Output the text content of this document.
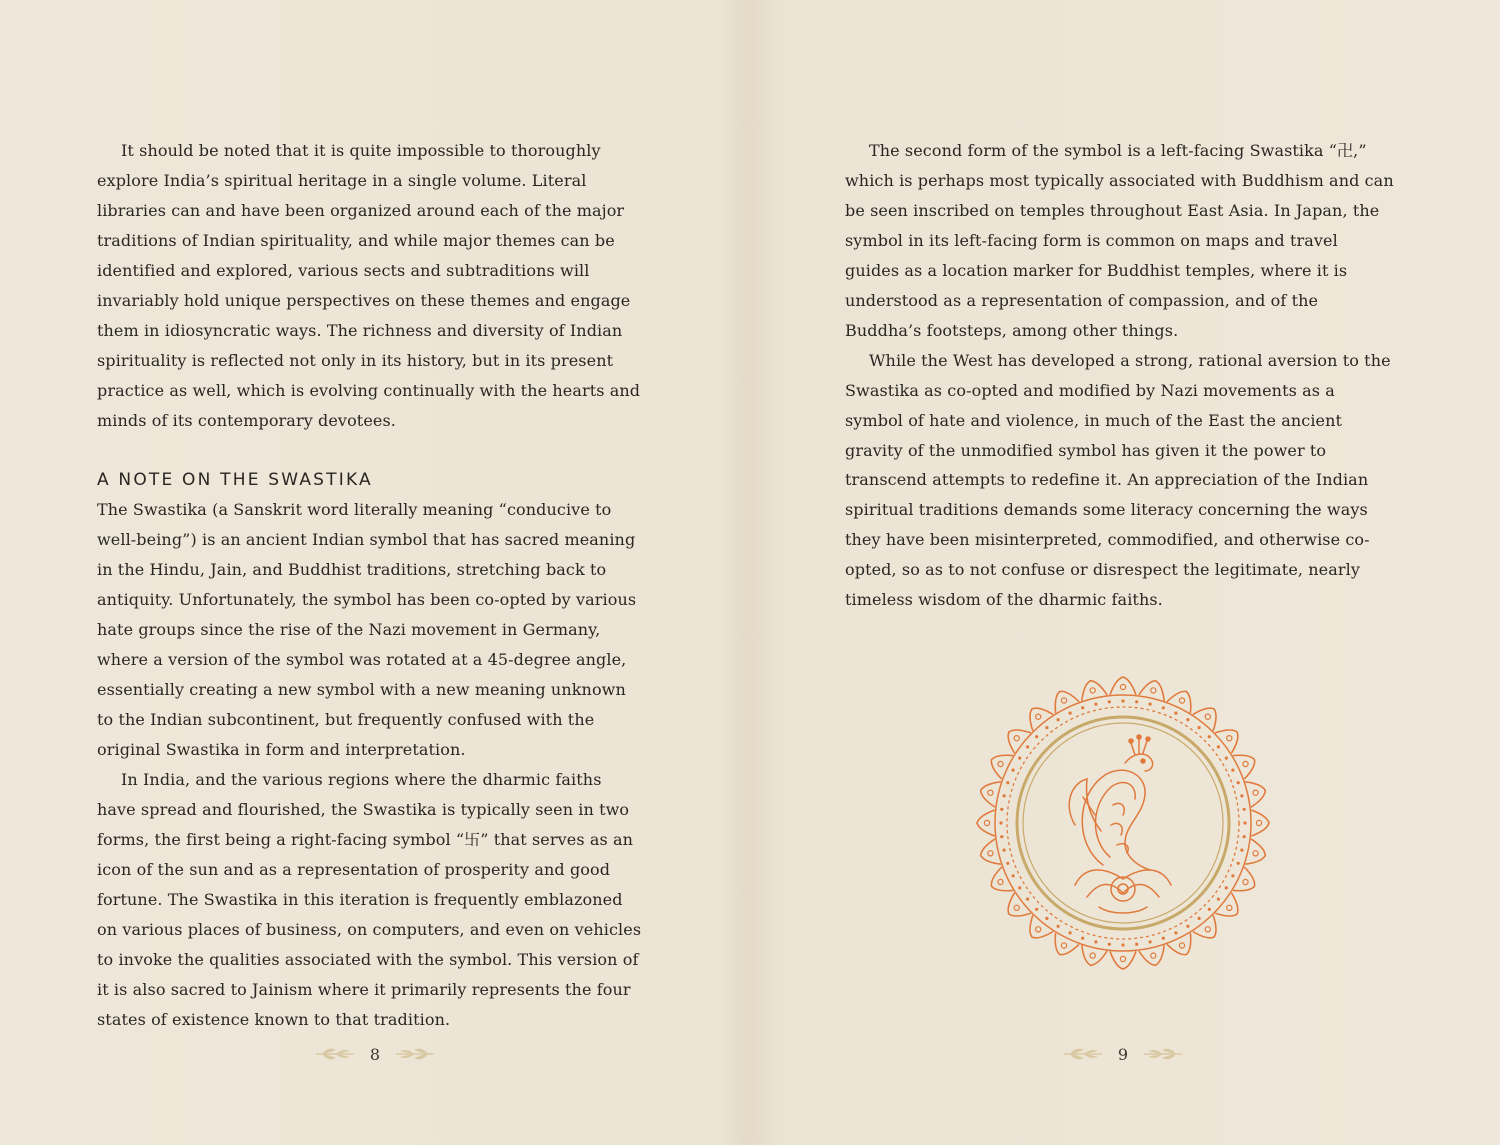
It should be noted that it is quite impossible to thoroughly explore India’s spiritual heritage in a single volume. Literal libraries can and have been organized around each of the major traditions of Indian spirituality, and while major themes can be identified and explored, various sects and subtraditions will invariably hold unique perspectives on these themes and engage them in idiosyncratic ways. The richness and diversity of Indian spirituality is reflected not only in its history, but in its present practice as well, which is evolving continually with the hearts and minds of its contemporary devotees.

A NOTE ON THE SWASTIKA

The Swastika (a Sanskrit word literally meaning “conducive to well-being”) is an ancient Indian symbol that has sacred meaning in the Hindu, Jain, and Buddhist traditions, stretching back to antiquity. Unfortunately, the symbol has been co-opted by various hate groups since the rise of the Nazi movement in Germany, where a version of the symbol was rotated at a 45-degree angle, essentially creating a new symbol with a new meaning unknown to the Indian subcontinent, but frequently confused with the original Swastika in form and interpretation.

In India, and the various regions where the dharmic faiths have spread and flourished, the Swastika is typically seen in two forms, the first being a right-facing symbol “卐” that serves as an icon of the sun and as a representation of prosperity and good fortune. The Swastika in this iteration is frequently emblazoned on various places of business, on computers, and even on vehicles to invoke the qualities associated with the symbol. This version of it is also sacred to Jainism where it primarily represents the four states of existence known to that tradition.

8

The second form of the symbol is a left-facing Swastika “卍,” which is perhaps most typically associated with Buddhism and can be seen inscribed on temples throughout East Asia. In Japan, the symbol in its left-facing form is common on maps and travel guides as a location marker for Buddhist temples, where it is understood as a representation of compassion, and of the Buddha’s footsteps, among other things.

While the West has developed a strong, rational aversion to the Swastika as co-opted and modified by Nazi movements as a symbol of hate and violence, in much of the East the ancient gravity of the unmodified symbol has given it the power to transcend attempts to redefine it. An appreciation of the Indian spiritual traditions demands some literacy concerning the ways they have been misinterpreted, commodified, and otherwise co-opted, so as to not confuse or disrespect the legitimate, nearly timeless wisdom of the dharmic faiths.

9
